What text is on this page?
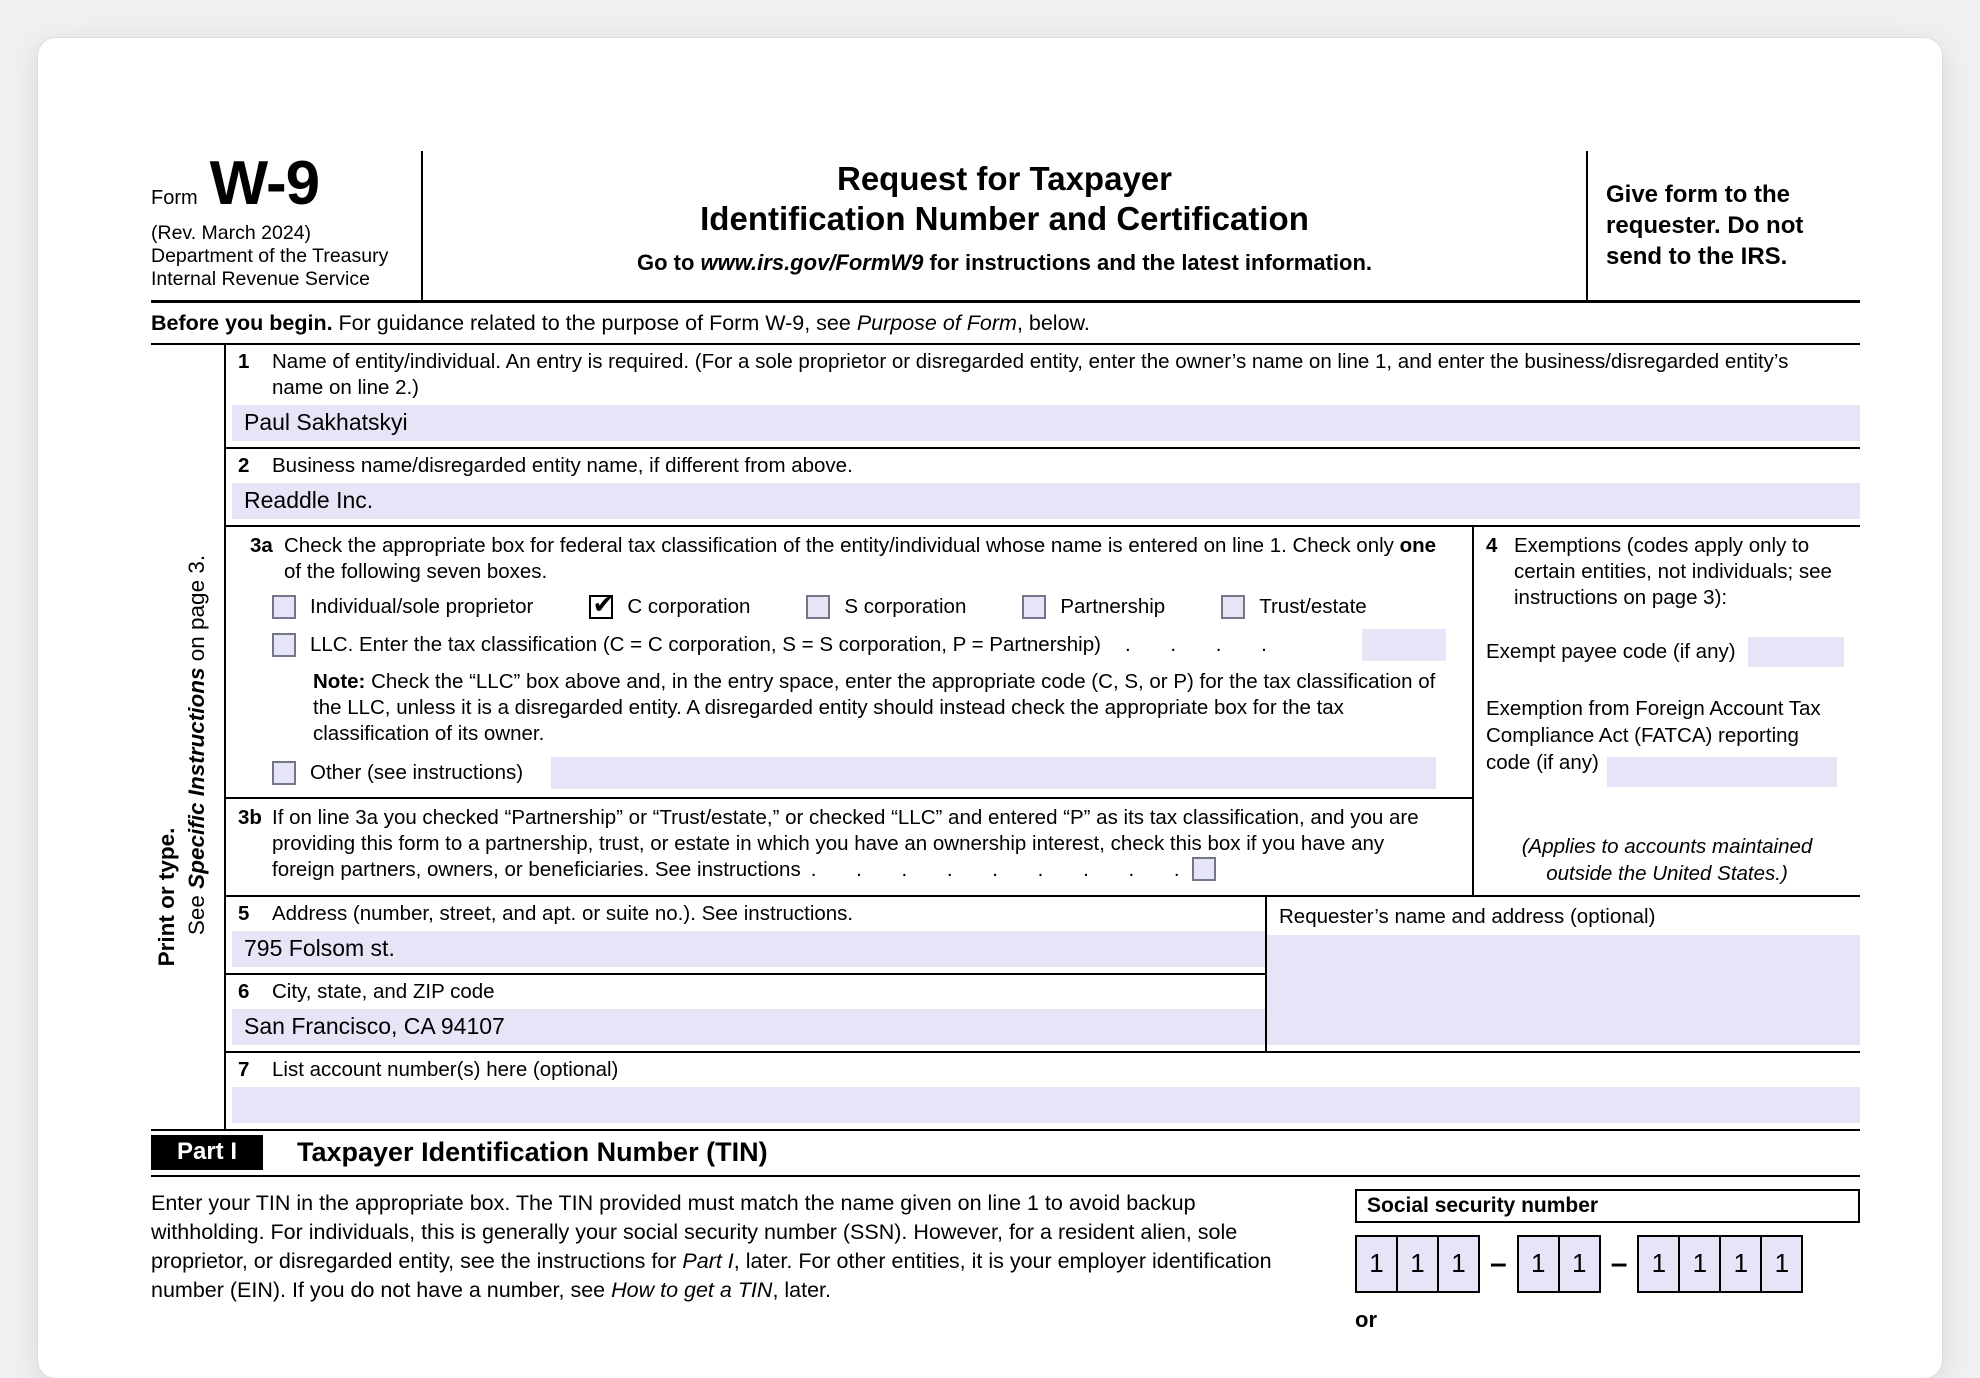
Form W-9
(Rev. March 2024)
Department of the Treasury
Internal Revenue Service
Request for Taxpayer
Identification Number and Certification
Go to www.irs.gov/FormW9 for instructions and the latest information.
Give form to the requester. Do not send to the IRS.
Before you begin. For guidance related to the purpose of Form W-9, see Purpose of Form, below.
Print or type. See Specific Instructions on page 3.
1	Name of entity/individual. An entry is required. (For a sole proprietor or disregarded entity, enter the owner’s name on line 1, and enter the business/disregarded entity’s name on line 2.)
Paul Sakhatskyi
2	Business name/disregarded entity name, if different from above.
Readdle Inc.
3a Check the appropriate box for federal tax classification of the entity/individual whose name is entered on line 1. Check only one of the following seven boxes.
Individual/sole proprietor ✔	C corporation	S corporation	Partnership	Trust/estate
LLC. Enter the tax classification (C = C corporation, S = S corporation, P = Partnership) . . . .
Note: Check the “LLC” box above and, in the entry space, enter the appropriate code (C, S, or P) for the tax classification of the LLC, unless it is a disregarded entity. A disregarded entity should instead check the appropriate box for the tax classification of its owner.
Other (see instructions)
3b If on line 3a you checked “Partnership” or “Trust/estate,” or checked “LLC” and entered “P” as its tax classification, and you are providing this form to a partnership, trust, or estate in which you have an ownership interest, check this box if you have any foreign partners, owners, or beneficiaries. See instructions . . . . . . . . .
4 Exemptions (codes apply only to certain entities, not individuals; see instructions on page 3):
Exempt payee code (if any)
Exemption from Foreign Account Tax Compliance Act (FATCA) reporting code (if any)
(Applies to accounts maintained outside the United States.)
5	Address (number, street, and apt. or suite no.). See instructions.
795 Folsom st.
6	City, state, and ZIP code
San Francisco, CA 94107
Requester’s name and address (optional)
7	List account number(s) here (optional)
Part I	Taxpayer Identification Number (TIN)
Enter your TIN in the appropriate box. The TIN provided must match the name given on line 1 to avoid backup withholding. For individuals, this is generally your social security number (SSN). However, for a resident alien, sole proprietor, or disregarded entity, see the instructions for Part I, later. For other entities, it is your employer identification number (EIN). If you do not have a number, see How to get a TIN, later.
Social security number
1	1	1 – 1	1 – 1	1	1	1
or
